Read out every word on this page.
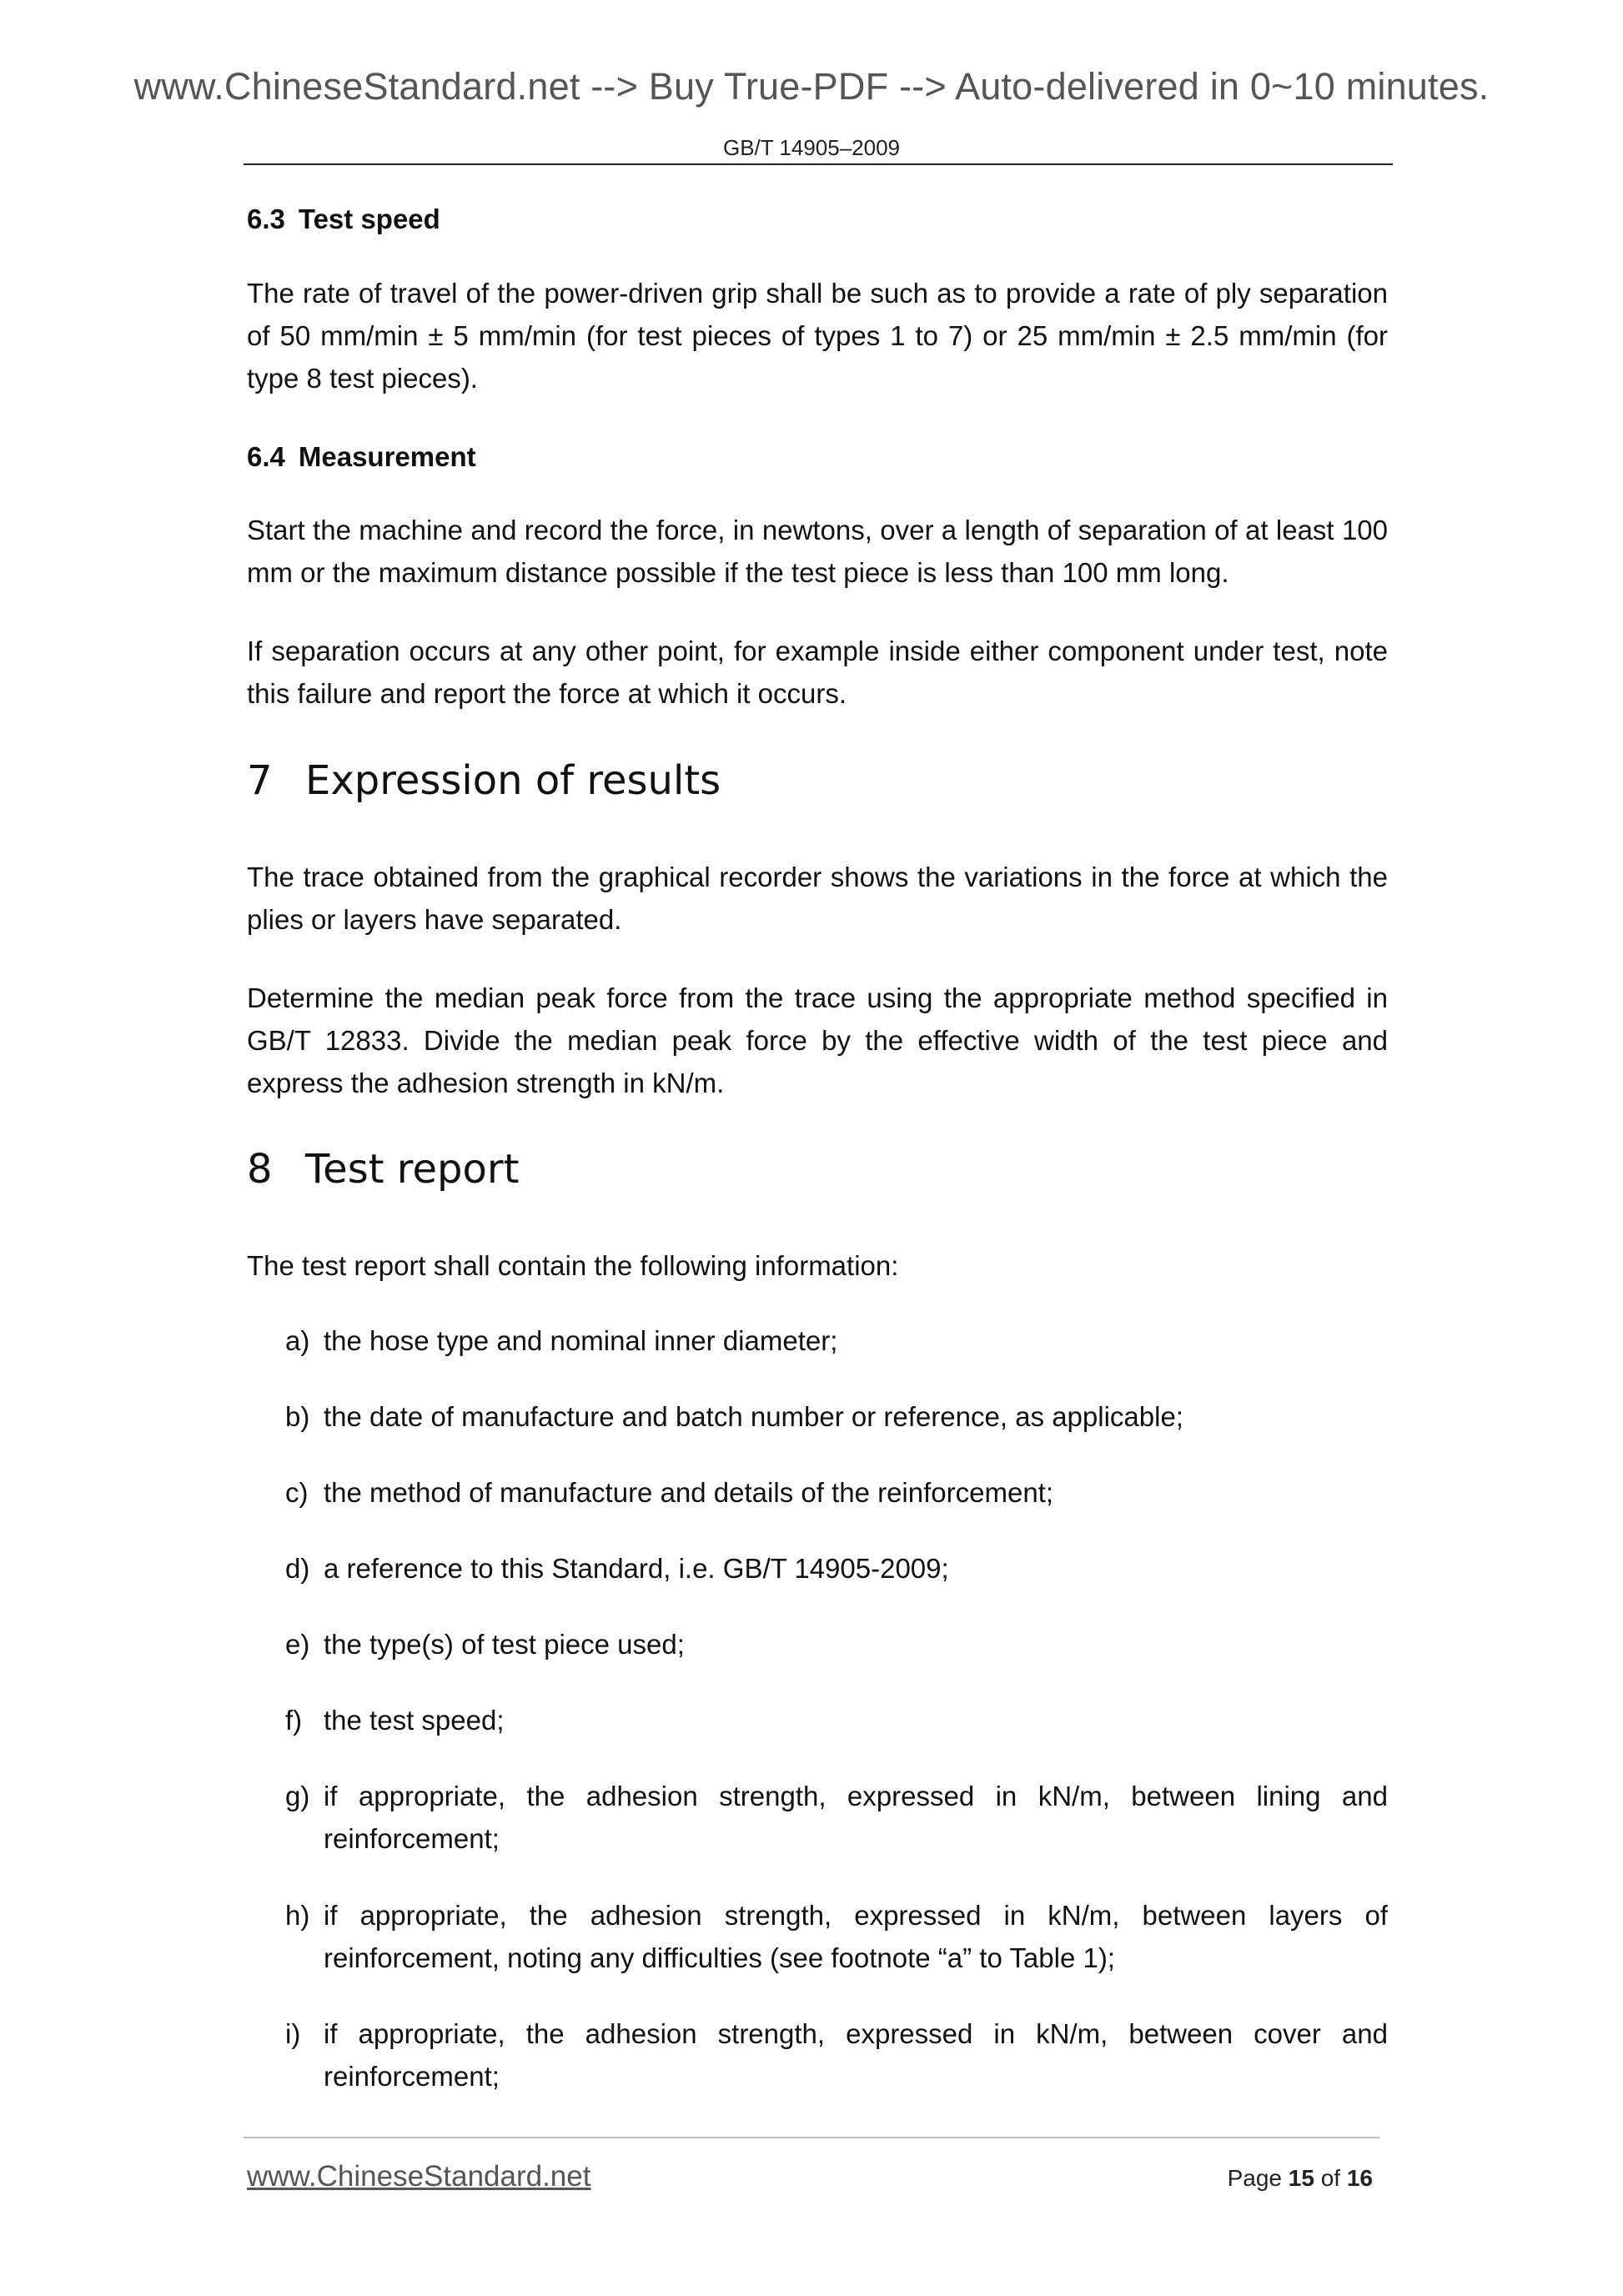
www.ChineseStandard.net --> Buy True-PDF --> Auto-delivered in 0~10 minutes.
GB/T 14905–2009
6.3 Test speed

The rate of travel of the power-driven grip shall be such as to provide a rate of ply separation of 50 mm/min ± 5 mm/min (for test pieces of types 1 to 7) or 25 mm/min ± 2.5 mm/min (for type 8 test pieces).

6.4 Measurement

Start the machine and record the force, in newtons, over a length of separation of at least 100 mm or the maximum distance possible if the test piece is less than 100 mm long.

If separation occurs at any other point, for example inside either component under test, note this failure and report the force at which it occurs.

7 Expression of results

The trace obtained from the graphical recorder shows the variations in the force at which the plies or layers have separated.

Determine the median peak force from the trace using the appropriate method specified in GB/T 12833. Divide the median peak force by the effective width of the test piece and express the adhesion strength in kN/m.

8 Test report

The test report shall contain the following information:

a) the hose type and nominal inner diameter;
b) the date of manufacture and batch number or reference, as applicable;
c) the method of manufacture and details of the reinforcement;
d) a reference to this Standard, i.e. GB/T 14905-2009;
e) the type(s) of test piece used;
f) the test speed;
g) if appropriate, the adhesion strength, expressed in kN/m, between lining and reinforcement;
h) if appropriate, the adhesion strength, expressed in kN/m, between layers of reinforcement, noting any difficulties (see footnote “a” to Table 1);
i) if appropriate, the adhesion strength, expressed in kN/m, between cover and reinforcement;
www.ChineseStandard.net	Page 15 of 16
